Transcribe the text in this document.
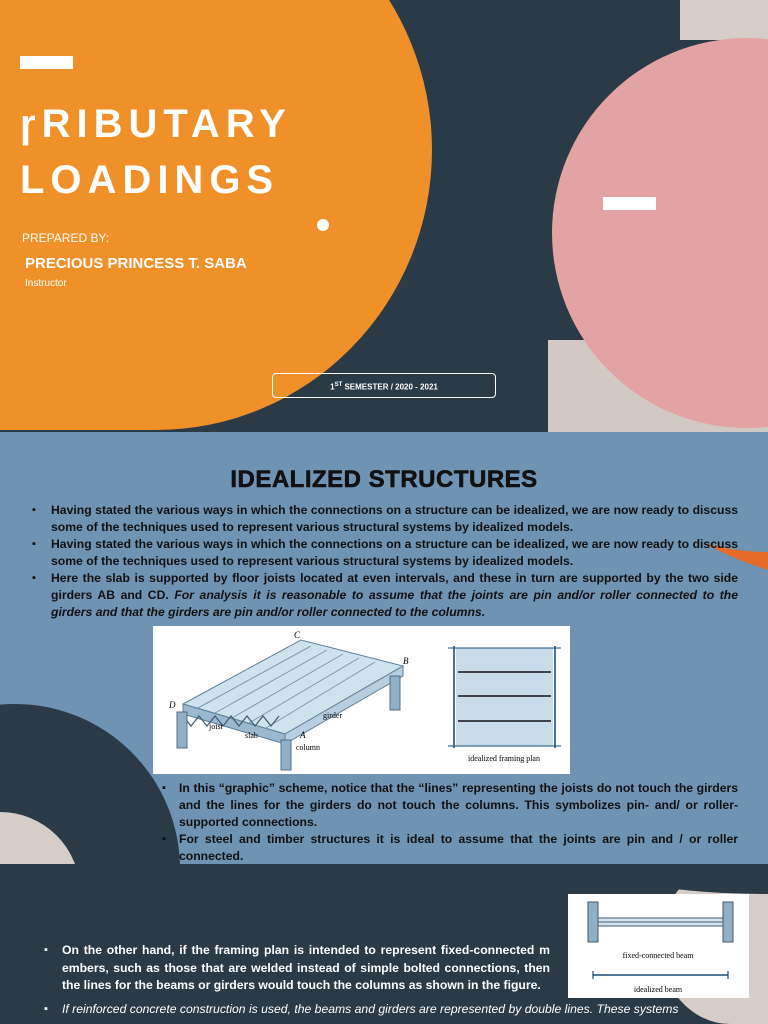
ɼRIBUTARY
LOADINGS
PREPARED BY:
PRECIOUS PRINCESS T. SABA
Instructor
1ST SEMESTER / 2020 - 2021
IDEALIZED STRUCTURES
▪ Having stated the various ways in which the connections on a structure can be idealized, we are now ready to discuss some of the techniques used to represent various structural systems by idealized models.
▪ Having stated the various ways in which the connections on a structure can be idealized, we are now ready to discuss some of the techniques used to represent various structural systems by idealized models.
▪ Here the slab is supported by floor joists located at even intervals, and these in turn are supported by the two side girders AB and CD. For analysis it is reasonable to assume that the joints are pin and/or roller connected to the girders and that the girders are pin and/or roller connected to the columns.
C
B
D
A
joist
slab
girder
column
idealized framing plan
▪ In this “graphic” scheme, notice that the “lines” representing the joists do not touch the girders and the lines for the girders do not touch the columns. This symbolizes pin- and/ or roller-supported connections.
▪ For steel and timber structures it is ideal to assume that the joints are pin and / or roller connected.
fixed-connected beam
idealized beam
▪ On the other hand, if the framing plan is intended to represent fixed-connected m embers, such as those that are welded instead of simple bolted connections, then the lines for the beams or girders would touch the columns as shown in the figure.
▪ If reinforced concrete construction is used, the beams and girders are represented by double lines. These systems
